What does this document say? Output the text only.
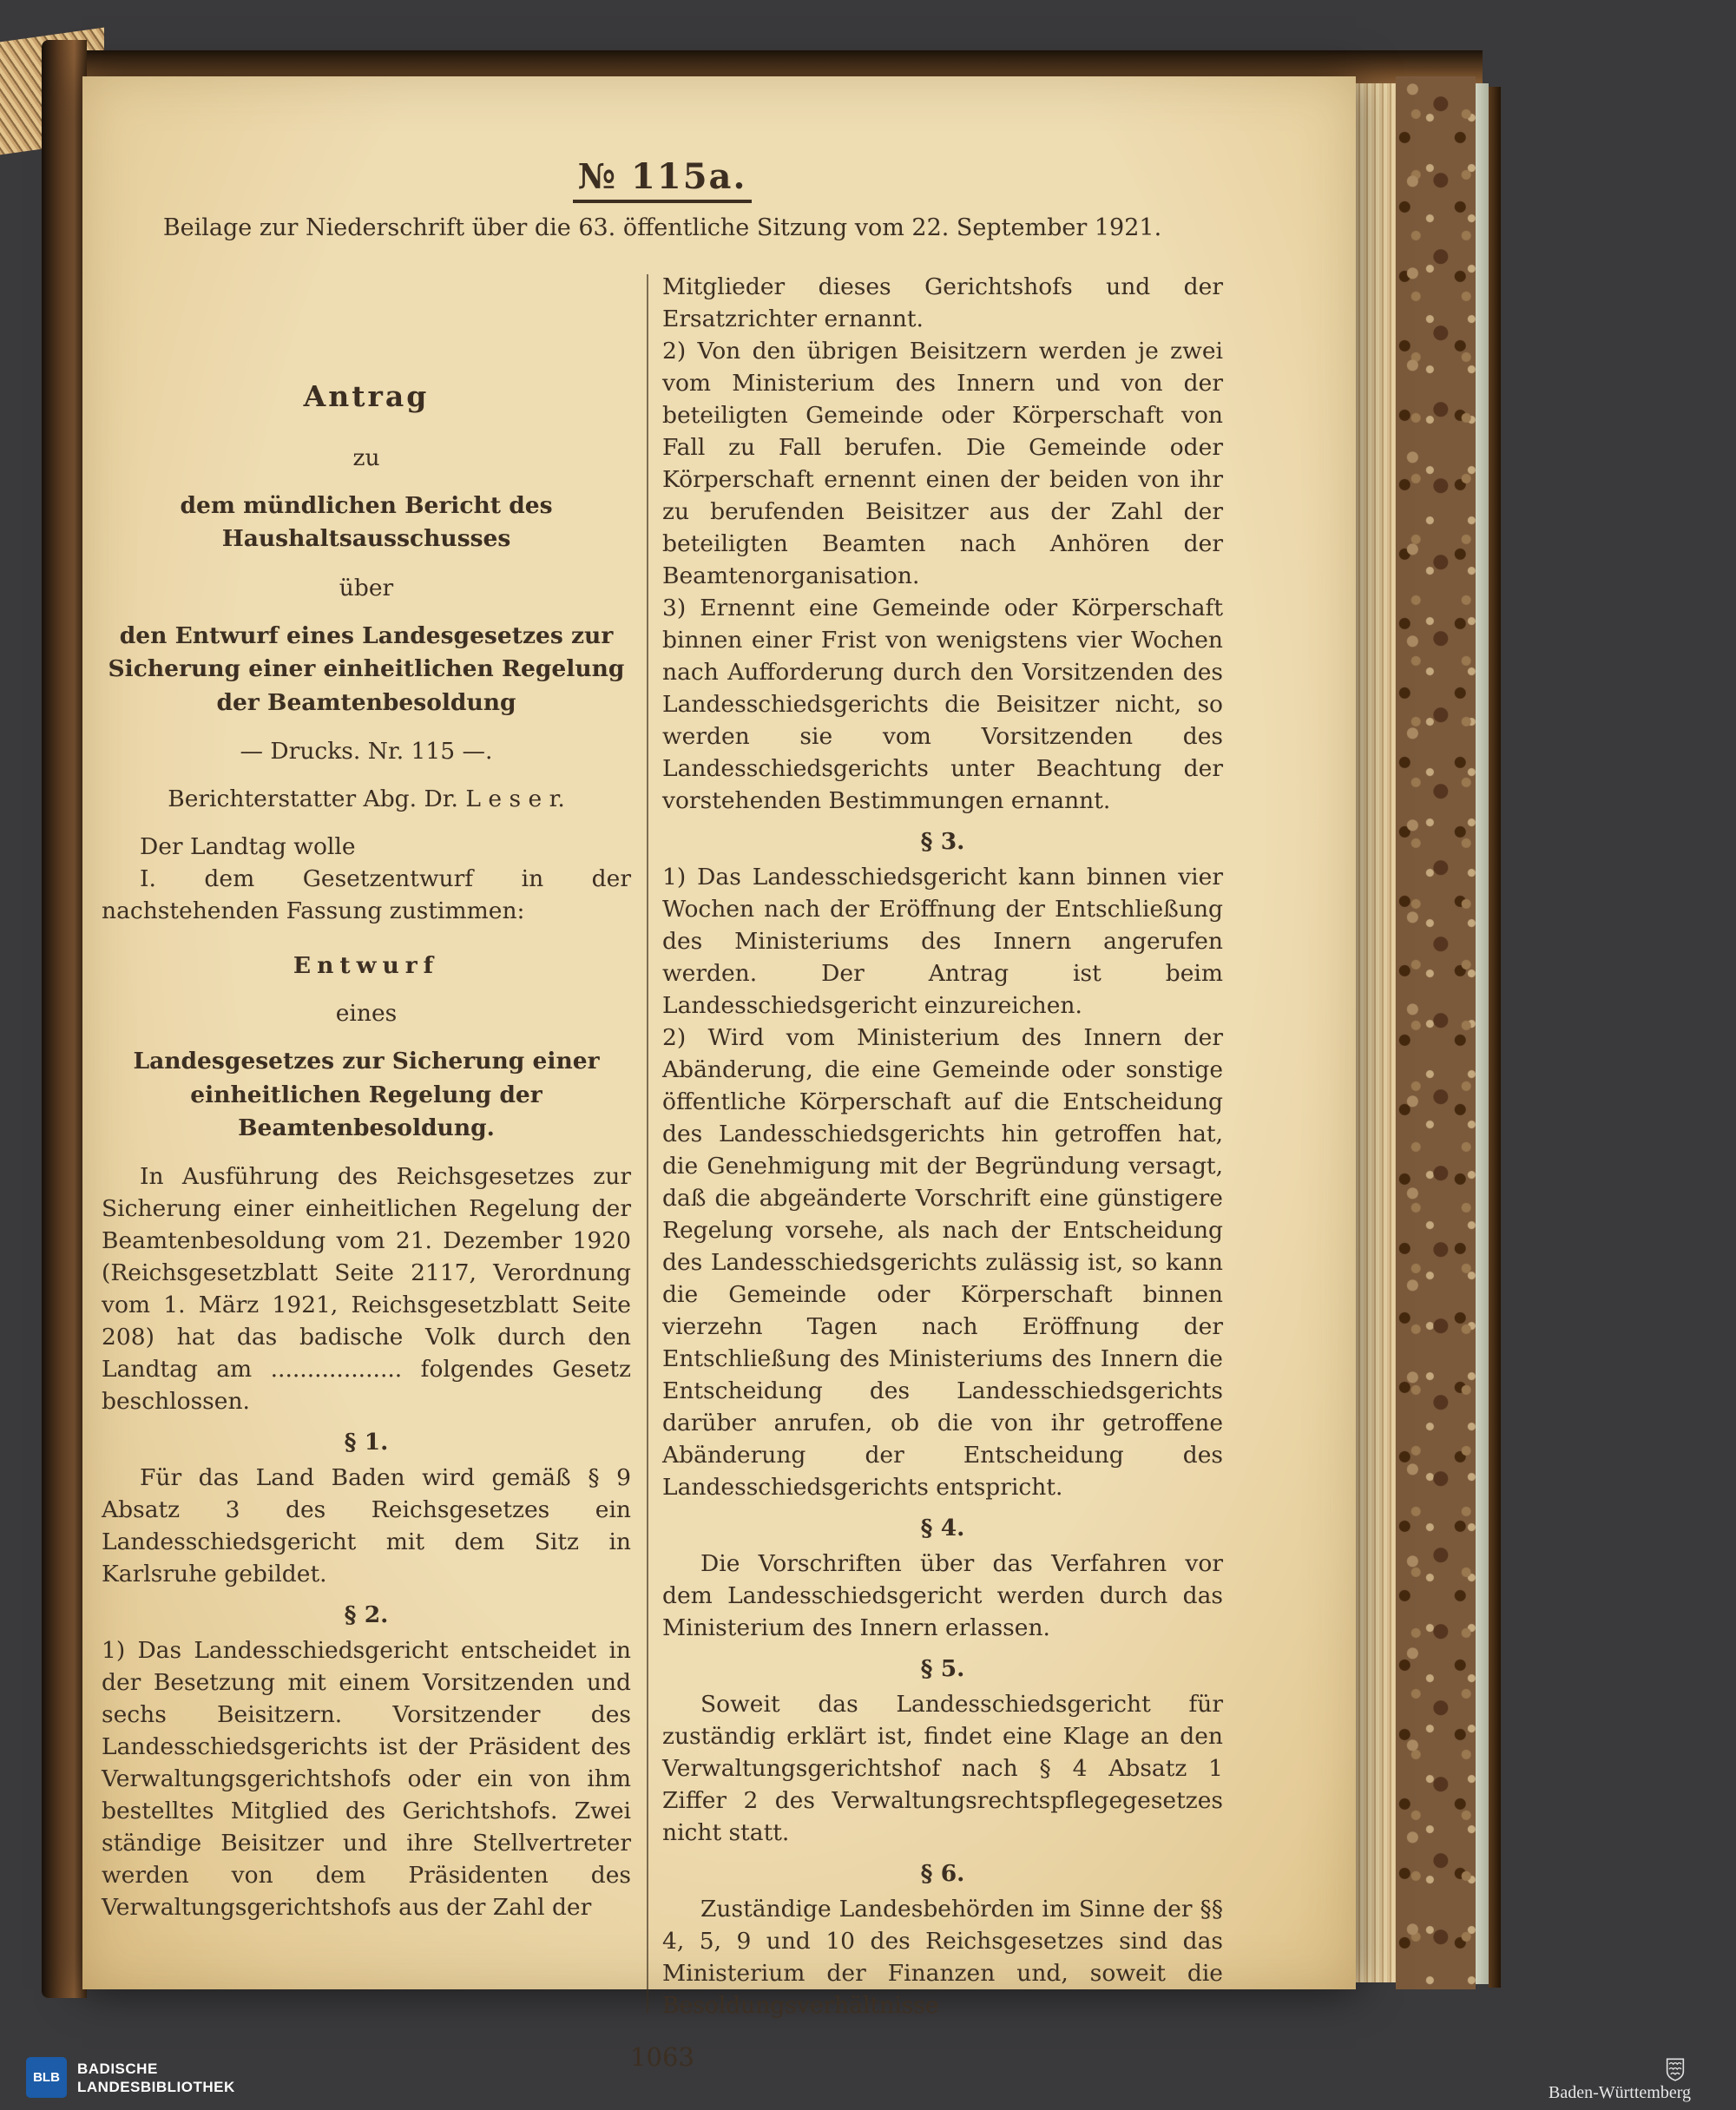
№ 115a.
Beilage zur Niederschrift über die 63. öffentliche Sitzung vom 22. September 1921.
Antrag
zu
dem mündlichen Bericht des Haushaltsausschusses
über
den Entwurf eines Landesgesetzes zur Sicherung einer einheitlichen Regelung der Beamtenbesoldung
— Drucks. Nr. 115 —.
Berichterstatter Abg. Dr. L e s e r.
Der Landtag wolle
I. dem Gesetzentwurf in der nachstehenden Fassung zustimmen:
Entwurf
eines
Landesgesetzes zur Sicherung einer einheitlichen Regelung der Beamtenbesoldung.
In Ausführung des Reichsgesetzes zur Sicherung einer einheitlichen Regelung der Beamtenbesoldung vom 21. Dezember 1920 (Reichsgesetzblatt Seite 2117, Verordnung vom 1. März 1921, Reichsgesetzblatt Seite 208) hat das badische Volk durch den Landtag am .................. folgendes Gesetz beschlossen.
§ 1.
Für das Land Baden wird gemäß § 9 Absatz 3 des Reichsgesetzes ein Landesschiedsgericht mit dem Sitz in Karlsruhe gebildet.
§ 2.
1) Das Landesschiedsgericht entscheidet in der Besetzung mit einem Vorsitzenden und sechs Beisitzern. Vorsitzender des Landesschiedsgerichts ist der Präsident des Verwaltungsgerichtshofs oder ein von ihm bestelltes Mitglied des Gerichtshofs. Zwei ständige Beisitzer und ihre Stellvertreter werden von dem Präsidenten des Verwaltungsgerichtshofs aus der Zahl der
Mitglieder dieses Gerichtshofs und der Ersatzrichter ernannt.
2) Von den übrigen Beisitzern werden je zwei vom Ministerium des Innern und von der beteiligten Gemeinde oder Körperschaft von Fall zu Fall berufen. Die Gemeinde oder Körperschaft ernennt einen der beiden von ihr zu berufenden Beisitzer aus der Zahl der beteiligten Beamten nach Anhören der Beamtenorganisation.
3) Ernennt eine Gemeinde oder Körperschaft binnen einer Frist von wenigstens vier Wochen nach Aufforderung durch den Vorsitzenden des Landesschiedsgerichts die Beisitzer nicht, so werden sie vom Vorsitzenden des Landesschiedsgerichts unter Beachtung der vorstehenden Bestimmungen ernannt.
§ 3.
1) Das Landesschiedsgericht kann binnen vier Wochen nach der Eröffnung der Entschließung des Ministeriums des Innern angerufen werden. Der Antrag ist beim Landesschiedsgericht einzureichen.
2) Wird vom Ministerium des Innern der Abänderung, die eine Gemeinde oder sonstige öffentliche Körperschaft auf die Entscheidung des Landesschiedsgerichts hin getroffen hat, die Genehmigung mit der Begründung versagt, daß die abgeänderte Vorschrift eine günstigere Regelung vorsehe, als nach der Entscheidung des Landesschiedsgerichts zulässig ist, so kann die Gemeinde oder Körperschaft binnen vierzehn Tagen nach Eröffnung der Entschließung des Ministeriums des Innern die Entscheidung des Landesschiedsgerichts darüber anrufen, ob die von ihr getroffene Abänderung der Entscheidung des Landesschiedsgerichts entspricht.
§ 4.
Die Vorschriften über das Verfahren vor dem Landesschiedsgericht werden durch das Ministerium des Innern erlassen.
§ 5.
Soweit das Landesschiedsgericht für zuständig erklärt ist, findet eine Klage an den Verwaltungsgerichtshof nach § 4 Absatz 1 Ziffer 2 des Verwaltungsrechtspflegegesetzes nicht statt.
§ 6.
Zuständige Landesbehörden im Sinne der §§ 4, 5, 9 und 10 des Reichsgesetzes sind das Ministerium der Finanzen und, soweit die Besoldungsverhältnisse
1063
BLB
BADISCHE
LANDESBIBLIOTHEK	Baden-Württemberg
